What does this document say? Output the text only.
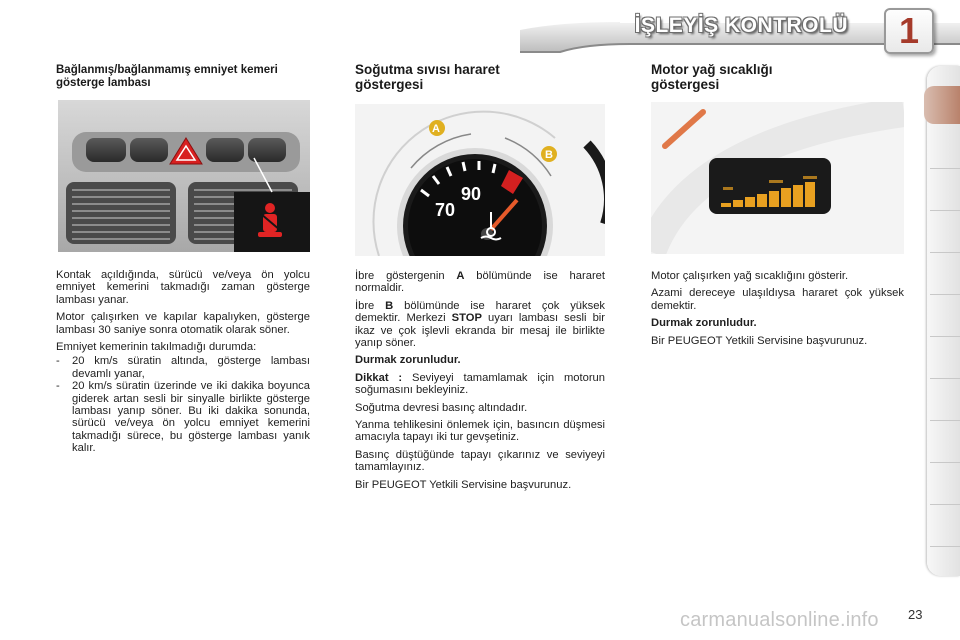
İŞLEYİŞ KONTROLÜ	1
Bağlanmış/bağlanmamış emniyet kemeri gösterge lambası
Soğutma sıvısı hararet göstergesi
Motor yağ sıcaklığı göstergesi
70
90
A
B

Kontak açıldığında, sürücü ve/veya ön yolcu emniyet kemerini takmadığı zaman gösterge lambası yanar.

Motor çalışırken ve kapılar kapalıyken, gösterge lambası 30 saniye sonra otomatik olarak söner.

Emniyet kemerinin takılmadığı durumda:

-	20 km/s süratin altında, gösterge lambası devamlı yanar,
-	20 km/s süratin üzerinde ve iki dakika boyunca giderek artan sesli bir sinyalle birlikte gösterge lambası yanıp söner. Bu iki dakika sonunda, sürücü ve/veya ön yolcu emniyet kemerini takmadığı sürece, bu gösterge lambası yanık kalır.

İbre göstergenin A bölümünde ise hararet normaldir.

İbre B bölümünde ise hararet çok yüksek demektir. Merkezi STOP uyarı lambası sesli bir ikaz ve çok işlevli ekranda bir mesaj ile birlikte yanıp söner.

Durmak zorunludur.

Dikkat : Seviyeyi tamamlamak için motorun soğumasını bekleyiniz.

Soğutma devresi basınç altındadır.

Yanma tehlikesini önlemek için, basıncın düşmesi amacıyla tapayı iki tur gevşetiniz.

Basınç düştüğünde tapayı çıkarınız ve seviyeyi tamamlayınız.

Bir PEUGEOT Yetkili Servisine başvurunuz.

Motor çalışırken yağ sıcaklığını gösterir.

Azami dereceye ulaşıldıysa hararet çok yüksek demektir.

Durmak zorunludur.

Bir PEUGEOT Yetkili Servisine başvurunuz.

carmanualsonline.info 23
